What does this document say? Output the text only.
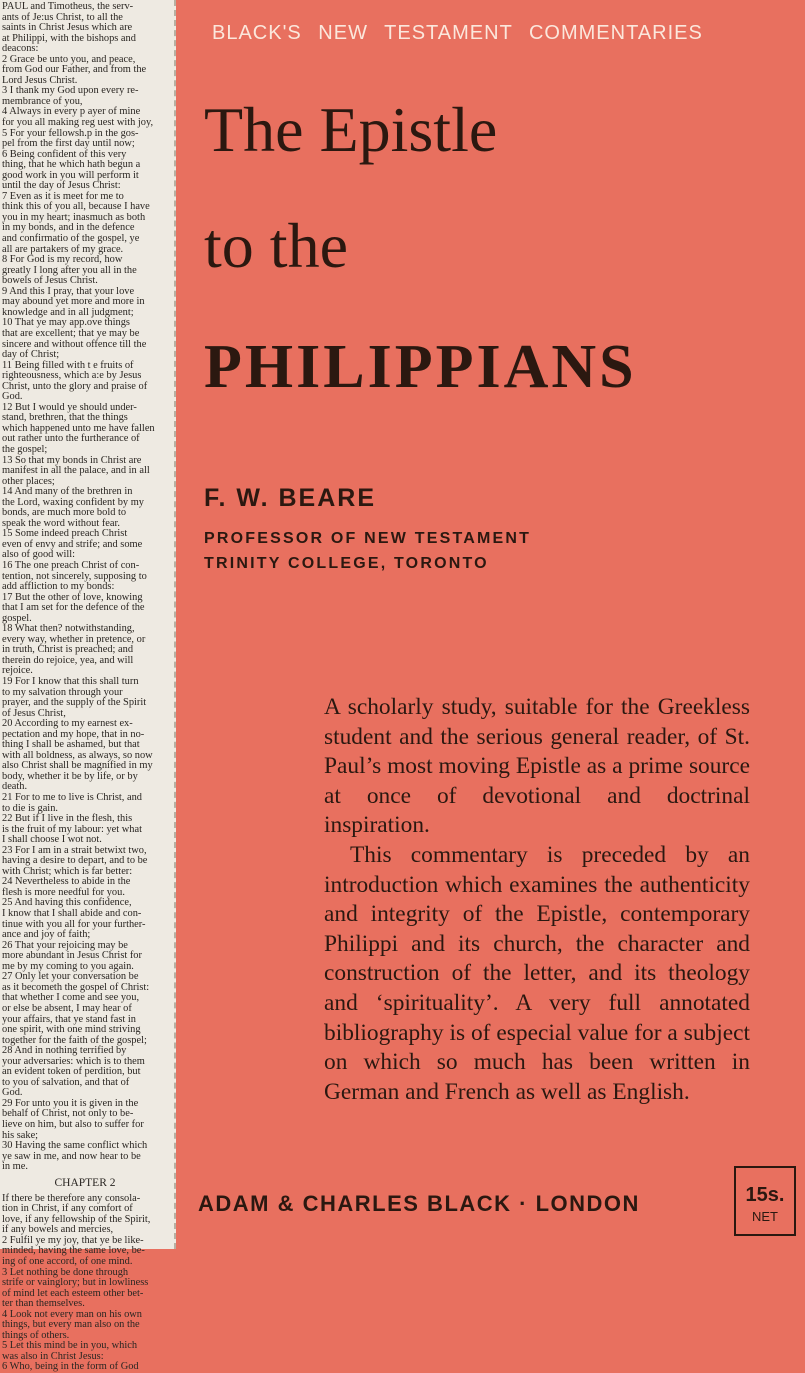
PAUL and Timotheus, the serv-
ants of Je:us Christ, to all the
saints in Christ Jesus which are
at Philippi, with the bishops and
deacons:
2 Grace be unto you, and peace,
from God our Father, and from the
Lord Jesus Christ.
3 I thank my God upon every re-
membrance of you,
4 Always in every p ayer of mine
for you all making reg uest with joy,
5 For your fellowsh.p in the gos-
pel from the first day until now;
6 Being confident of this very
thing, that he which hath begun a
good work in you will perform it
until the day of Jesus Christ:
7 Even as it is meet for me to
think this of you all, because I have
you in my heart; inasmuch as both
in my bonds, and in the defence
and confirmatio of the gospel, ye
all are partakers of my grace.
8 For God is my record, how
greatly I long after you all in the
bowels of Jesus Christ.
9 And this I pray, that your love
may abound yet more and more in
knowledge and in all judgment;
10 That ye may app.ove things
that are excellent; that ye may be
sincere and without offence till the
day of Christ;
11 Being filled with t e fruits of
righteousness, which a:e by Jesus
Christ, unto the glory and praise of
God.
12 But I would ye should under-
stand, brethren, that the things
which happened unto me have fallen
out rather unto the furtherance of
the gospel;
13 So that my bonds in Christ are
manifest in all the palace, and in all
other places;
14 And many of the brethren in
the Lord, waxing confident by my
bonds, are much more bold to
speak the word without fear.
15 Some indeed preach Christ
even of envy and strife; and some
also of good will:
16 The one preach Christ of con-
tention, not sincerely, supposing to
add affliction to my bonds:
17 But the other of love, knowing
that I am set for the defence of the
gospel.
18 What then? notwithstanding,
every way, whether in pretence, or
in truth, Christ is preached; and
therein do rejoice, yea, and will
rejoice.
19 For I know that this shall turn
to my salvation through your
prayer, and the supply of the Spirit
of Jesus Christ,
20 According to my earnest ex-
pectation and my hope, that in no-
thing I shall be ashamed, but that
with all boldness, as always, so now
also Christ shall be magnified in my
body, whether it be by life, or by
death.
21 For to me to live is Christ, and
to die is gain.
22 But if I live in the flesh, this
is the fruit of my labour: yet what
I shall choose I wot not.
23 For I am in a strait betwixt two,
having a desire to depart, and to be
with Christ; which is far better:
24 Nevertheless to abide in the
flesh is more needful for you.
25 And having this confidence,
I know that I shall abide and con-
tinue with you all for your further-
ance and joy of faith;
26 That your rejoicing may be
more abundant in Jesus Christ for
me by my coming to you again.
27 Only let your conversation be
as it becometh the gospel of Christ:
that whether I come and see you,
or else be absent, I may hear of
your affairs, that ye stand fast in
one spirit, with one mind striving
together for the faith of the gospel;
28 And in nothing terrified by
your adversaries: which is to them
an evident token of perdition, but
to you of salvation, and that of
God.
29 For unto you it is given in the
behalf of Christ, not only to be-
lieve on him, but also to suffer for
his sake;
30 Having the same conflict which
ye saw in me, and now hear to be
in me.
CHAPTER 2
If there be therefore any consola-
tion in Christ, if any comfort of
love, if any fellowship of the Spirit,
if any bowels and mercies,
2 Fulfil ye my joy, that ye be like-
minded, having the same love, be-
ing of one accord, of one mind.
3 Let nothing be done through
strife or vainglory; but in lowliness
of mind let each esteem other bet-
ter than themselves.
4 Look not every man on his own
things, but every man also on the
things of others.
5 Let this mind be in you, which
was also in Christ Jesus:
6 Who, being in the form of God
BLACK'S NEW TESTAMENT COMMENTARIES
The Epistle
to the
PHILIPPIANS
F. W. BEARE
PROFESSOR OF NEW TESTAMENT
TRINITY COLLEGE, TORONTO

A scholarly study, suitable for the Greekless student and the serious general reader, of St. Paul’s most moving Epistle as a prime source at once of devotional and doctrinal inspiration.

This commentary is preceded by an introduction which examines the authenticity and integrity of the Epistle, contemporary Philippi and its church, the character and construction of the letter, and its theology and ‘spirituality’. A very full annotated bibliography is of especial value for a subject on which so much has been written in German and French as well as English.

ADAM & CHARLES BLACK · LONDON	15s.
NET
